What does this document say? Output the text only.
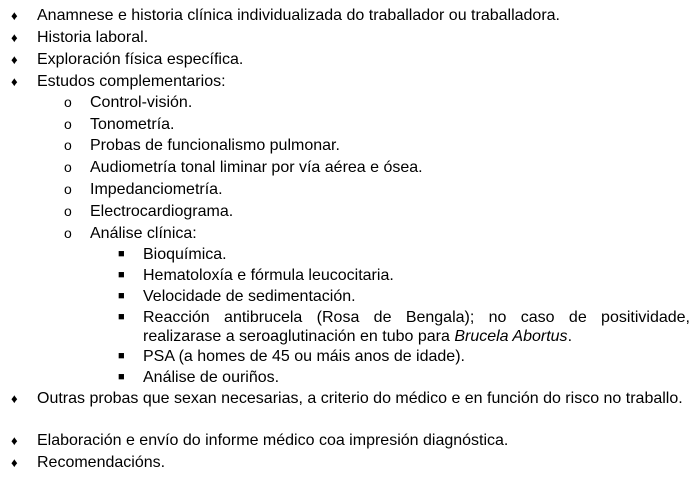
♦ Anamnese e historia clínica individualizada do traballador ou traballadora.
♦ Historia laboral.
♦ Exploración física específica.
♦ Estudos complementarios:
o Control-visión.
o Tonometría.
o Probas de funcionalismo pulmonar.
o Audiometría tonal liminar por vía aérea e ósea.
o Impedanciometría.
o Electrocardiograma.
o Análise clínica:
■ Bioquímica.
■ Hematoloxía e fórmula leucocitaria.
■ Velocidade de sedimentación.
■ Reacción antibrucela (Rosa de Bengala); no caso de positividade, realizarase a seroaglutinación en tubo para Brucela Abortus.
■ PSA (a homes de 45 ou máis anos de idade).
■ Análise de ouriños.
♦ Outras probas que sexan necesarias, a criterio do médico e en función do risco no traballo.
♦ Elaboración e envío do informe médico coa impresión diagnóstica.
♦ Recomendacións.
